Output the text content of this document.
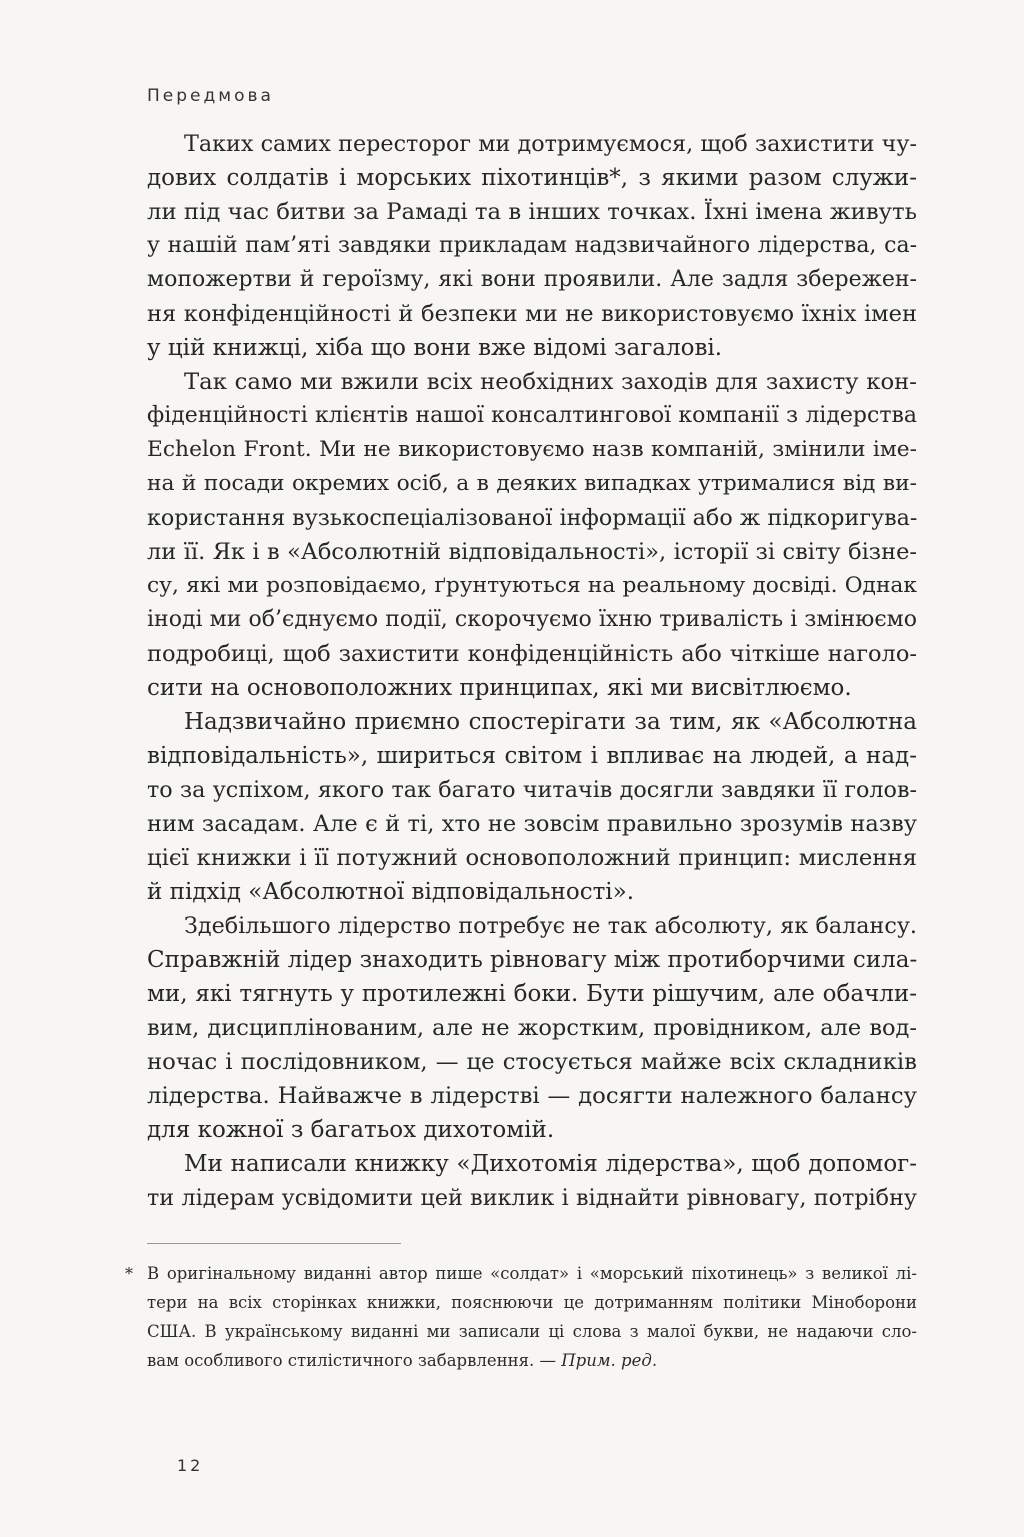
Передмова
Таких самих пересторог ми дотримуємося, щоб захистити чу-
дових солдатів і морських піхотинців*, з якими разом служи-
ли під час битви за Рамаді та в інших точках. Їхні імена живуть
у нашій пам’яті завдяки прикладам надзвичайного лідерства, са-
мопожертви й героїзму, які вони проявили. Але задля збережен-
ня конфіденційності й безпеки ми не використовуємо їхніх імен
у цій книжці, хіба що вони вже відомі загалові.
Так само ми вжили всіх необхідних заходів для захисту кон-
фіденційності клієнтів нашої консалтингової компанії з лідерства
Echelon Front. Ми не використовуємо назв компаній, змінили іме-
на й посади окремих осіб, а в деяких випадках утрималися від ви-
користання вузькоспеціалізованої інформації або ж підкоригува-
ли її. Як і в «Абсолютній відповідальності», історії зі світу бізне-
су, які ми розповідаємо, ґрунтуються на реальному досвіді. Однак
іноді ми об’єднуємо події, скорочуємо їхню тривалість і змінюємо
подробиці, щоб захистити конфіденційність або чіткіше наголо-
сити на основоположних принципах, які ми висвітлюємо.
Надзвичайно приємно спостерігати за тим, як «Абсолютна
відповідальність», шириться світом і впливає на людей, а над-
то за успіхом, якого так багато читачів досягли завдяки її голов-
ним засадам. Але є й ті, хто не зовсім правильно зрозумів назву
цієї книжки і її потужний основоположний принцип: мислення
й підхід «Абсолютної відповідальності».
Здебільшого лідерство потребує не так абсолюту, як балансу.
Справжній лідер знаходить рівновагу між протиборчими сила-
ми, які тягнуть у протилежні боки. Бути рішучим, але обачли-
вим, дисциплінованим, але не жорстким, провідником, але вод-
ночас і послідовником, — це стосується майже всіх складників
лідерства. Найважче в лідерстві — досягти належного балансу
для кожної з багатьох дихотомій.
Ми написали книжку «Дихотомія лідерства», щоб допомог-
ти лідерам усвідомити цей виклик і віднайти рівновагу, потрібну
* В оригінальному виданні автор пише «солдат» і «морський піхотинець» з великої лі-
тери на всіх сторінках книжки, пояснюючи це дотриманням політики Міноборони
США. В українському виданні ми записали ці слова з малої букви, не надаючи сло-
вам особливого стилістичного забарвлення. — Прим. ред.
12
